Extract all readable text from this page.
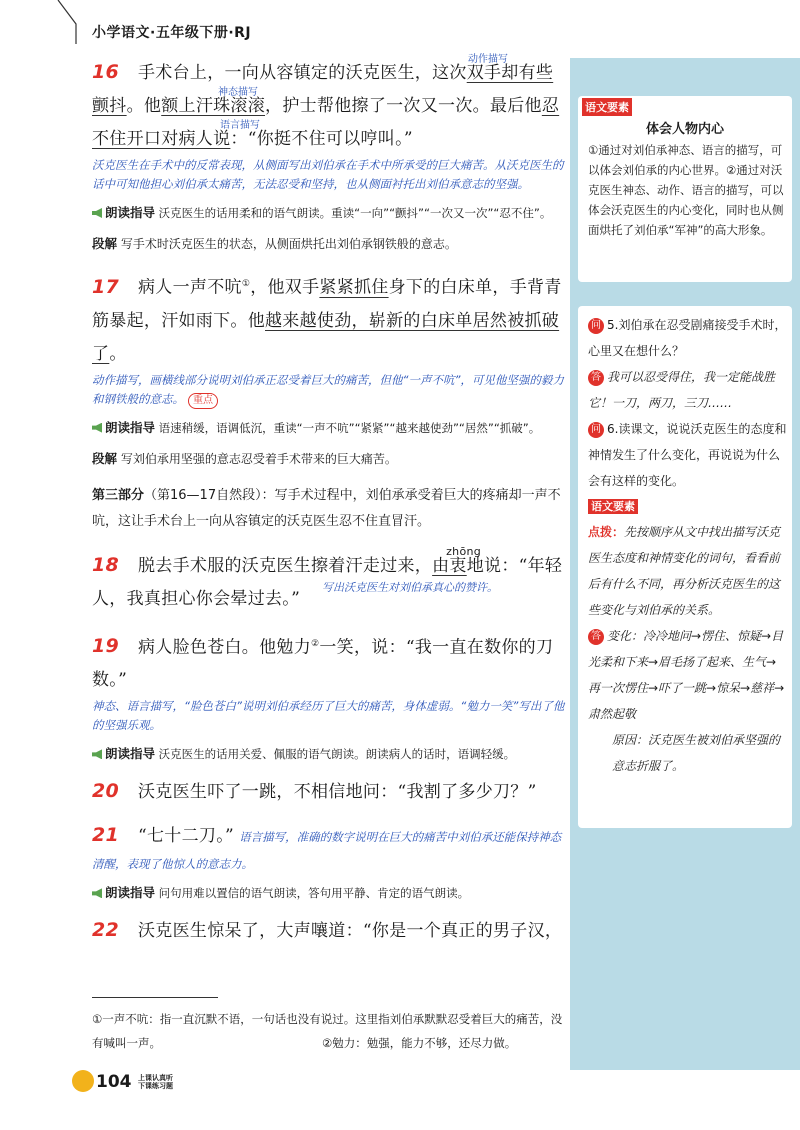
小学语文·五年级下册·RJ
动作描写
神态描写
语言描写

16 手术台上，一向从容镇定的沃克医生，这次双手却有些颤抖。他额上汗珠滚滚，护士帮他擦了一次又一次。最后他忍不住开口对病人说：“你挺不住可以哼叫。”

沃克医生在手术中的反常表现，从侧面写出刘伯承在手术中所承受的巨大痛苦。从沃克医生的话中可知他担心刘伯承太痛苦，无法忍受和坚持，也从侧面衬托出刘伯承意志的坚强。

朗读指导 沃克医生的话用柔和的语气朗读。重读“一向”“颤抖”“一次又一次”“忍不住”。
段解 写手术时沃克医生的状态，从侧面烘托出刘伯承钢铁般的意志。

17 病人一声不吭①，他双手紧紧抓住身下的白床单，手背青筋暴起，汗如雨下。他越来越使劲，崭新的白床单居然被抓破了。

动作描写，画横线部分说明刘伯承正忍受着巨大的痛苦，但他“一声不吭”，可见他坚强的毅力和钢铁般的意志。 重点

朗读指导 语速稍缓，语调低沉，重读“一声不吭”“紧紧”“越来越使劲”“居然”“抓破”。
段解 写刘伯承用坚强的意志忍受着手术带来的巨大痛苦。
第三部分（第16—17自然段）：写手术过程中，刘伯承承受着巨大的疼痛却一声不吭，这让手术台上一向从容镇定的沃克医生忍不住直冒汗。

18 脱去手术服的沃克医生擦着汗走过来，
zhōng
由衷地说：“年轻人，我真担心你会晕过去。”

写出沃克医生对刘伯承真心的赞许。

19 病人脸色苍白。他勉力②一笑，说：“我一直在数你的刀数。”

神态、语言描写，“脸色苍白”说明刘伯承经历了巨大的痛苦，身体虚弱。“勉力一笑”写出了他的坚强乐观。

朗读指导 沃克医生的话用关爱、佩服的语气朗读。朗读病人的话时，语调轻缓。

20 沃克医生吓了一跳，不相信地问：“我割了多少刀？”

21 “七十二刀。” 语言描写，准确的数字说明在巨大的痛苦中刘伯承还能保持神态清醒，表现了他惊人的意志力。
朗读指导 问句用难以置信的语气朗读，答句用平静、肯定的语气朗读。

22 沃克医生惊呆了，大声嚷道：“你是一个真正的男子汉，

①一声不吭：指一直沉默不语，一句话也没有说过。这里指刘伯承默默忍受着巨大的痛苦，没有喊叫一声。	②勉力：勉强，能力不够，还尽力做。

104 上课认真听
下课练习题
语文要素
体会人物内心
①通过对刘伯承神态、语言的描写，可以体会刘伯承的内心世界。②通过对沃克医生神态、动作、语言的描写，可以体会沃克医生的内心变化，同时也从侧面烘托了刘伯承“军神”的高大形象。
问 5.刘伯承在忍受剧痛接受手术时，心里又在想什么？
答 我可以忍受得住，我一定能战胜它！一刀，两刀，三刀……
问 6.读课文，说说沃克医生的态度和神情发生了什么变化，再说说为什么会有这样的变化。
语文要素
点拨：先按顺序从文中找出描写沃克医生态度和神情变化的词句，看看前后有什么不同，再分析沃克医生的这些变化与刘伯承的关系。
答 变化：冷冷地问→愣住、惊疑→目光柔和下来→眉毛扬了起来、生气→再一次愣住→吓了一跳→惊呆→慈祥→肃然起敬
原因：沃克医生被刘伯承坚强的意志折服了。
